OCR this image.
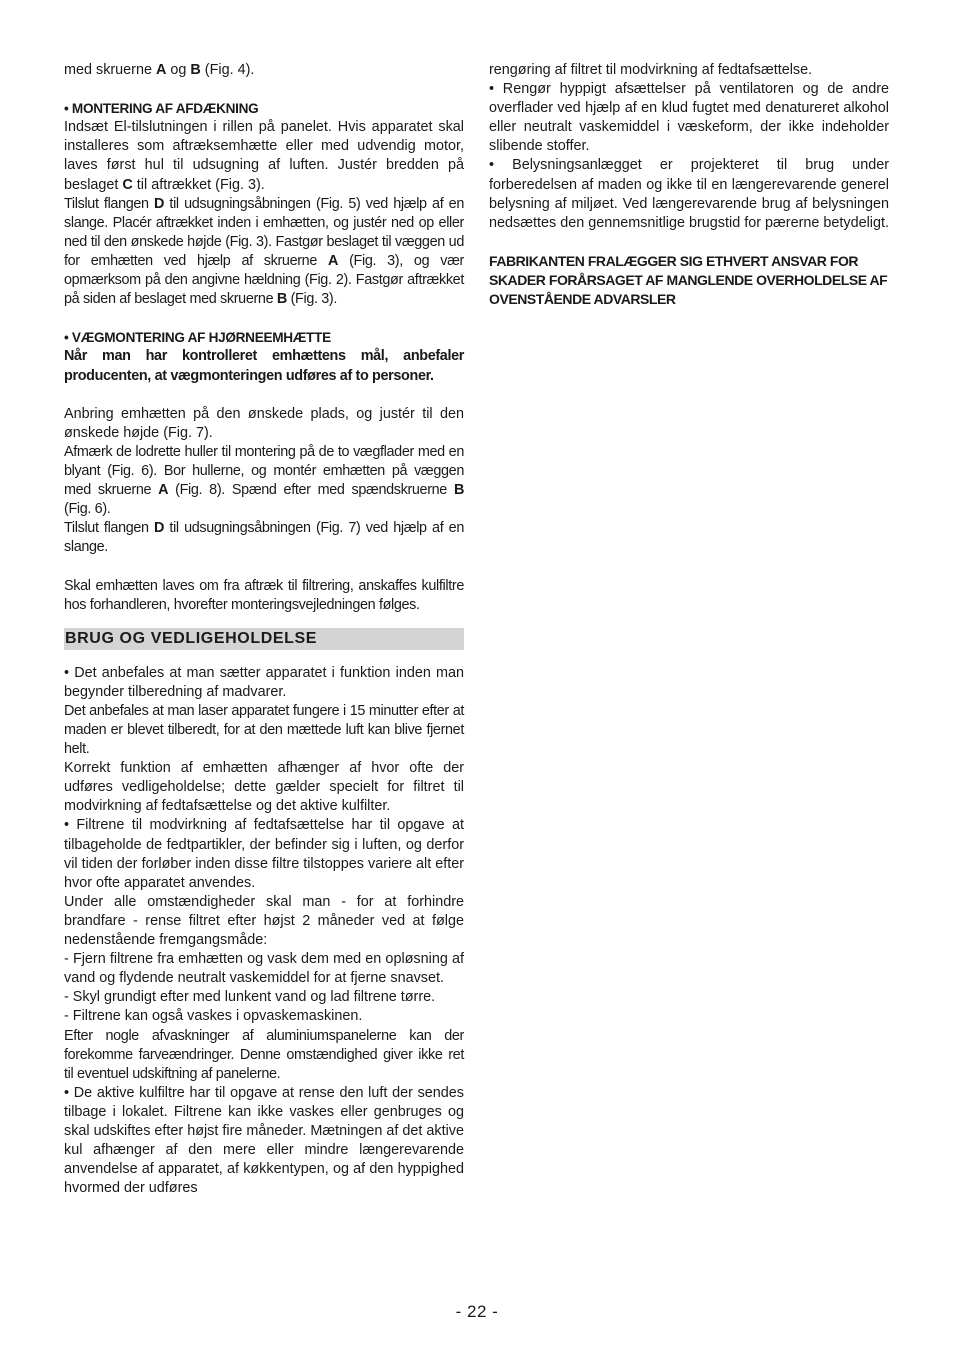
med skruerne A og B (Fig. 4).

• MONTERING AF AFDÆKNING

Indsæt El-tilslutningen i rillen på panelet. Hvis apparatet skal installeres som aftræksemhætte eller med udvendig motor, laves først hul til udsugning af luften. Justér bredden på beslaget C til aftrækket (Fig. 3).

Tilslut flangen D til udsugningsåbningen (Fig. 5) ved hjælp af en slange. Placér aftrækket inden i emhætten, og justér ned op eller ned til den ønskede højde (Fig. 3). Fastgør beslaget til væggen ud for emhætten ved hjælp af skruerne A (Fig. 3), og vær opmærksom på den angivne hældning (Fig. 2). Fastgør aftrækket på siden af beslaget med skruerne B (Fig. 3).

• VÆGMONTERING AF HJØRNEEMHÆTTE

Når man har kontrolleret emhættens mål, anbefaler producenten, at vægmonteringen udføres af to personer.

Anbring emhætten på den ønskede plads, og justér til den ønskede højde (Fig. 7).

Afmærk de lodrette huller til montering på de to vægflader med en blyant (Fig. 6). Bor hullerne, og montér emhætten på væggen med skruerne A (Fig. 8). Spænd efter med spændskruerne B (Fig. 6).

Tilslut flangen D til udsugningsåbningen (Fig. 7) ved hjælp af en slange.

Skal emhætten laves om fra aftræk til filtrering, anskaffes kulfiltre hos forhandleren, hvorefter monteringsvejledningen følges.

BRUG OG VEDLIGEHOLDELSE

• Det anbefales at man sætter apparatet i funktion inden man begynder tilberedning af madvarer.

Det anbefales at man laser apparatet fungere i 15 minutter efter at maden er blevet tilberedt, for at den mættede luft kan blive fjernet helt.

Korrekt funktion af emhætten afhænger af hvor ofte der udføres vedligeholdelse; dette gælder specielt for filtret til modvirkning af fedtafsættelse og det aktive kulfilter.

• Filtrene til modvirkning af fedtafsættelse har til opgave at tilbageholde de fedtpartikler, der befinder sig i luften, og derfor vil tiden der forløber inden disse filtre tilstoppes variere alt efter hvor ofte apparatet anvendes.

Under alle omstændigheder skal man - for at forhindre brandfare - rense filtret efter højst 2 måneder ved at følge nedenstående fremgangsmåde:

- Fjern filtrene fra emhætten og vask dem med en opløsning af vand og flydende neutralt vaskemiddel for at fjerne snavset.

- Skyl grundigt efter med lunkent vand og lad filtrene tørre.

- Filtrene kan også vaskes i opvaskemaskinen.

Efter nogle afvaskninger af aluminiumspanelerne kan der forekomme farveændringer. Denne omstændighed giver ikke ret til eventuel udskiftning af panelerne.

• De aktive kulfiltre har til opgave at rense den luft der sendes tilbage i lokalet. Filtrene kan ikke vaskes eller genbruges og skal udskiftes efter højst fire måneder. Mætningen af det aktive kul afhænger af den mere eller mindre længerevarende anvendelse af apparatet, af køkkentypen, og af den hyppighed hvormed der udføres

rengøring af filtret til modvirkning af fedtafsættelse.

• Rengør hyppigt afsættelser på ventilatoren og de andre overflader ved hjælp af en klud fugtet med denatureret alkohol eller neutralt vaskemiddel i væskeform, der ikke indeholder slibende stoffer.

• Belysningsanlægget er projekteret til brug under forberedelsen af maden og ikke til en længerevarende generel belysning af miljøet. Ved længerevarende brug af belysningen nedsættes den gennemsnitlige brugstid for pærerne betydeligt.

FABRIKANTEN FRALÆGGER SIG ETHVERT ANSVAR FOR SKADER FORÅRSAGET AF MANGLENDE OVERHOLDELSE AF OVENSTÅENDE ADVARSLER

- 22 -
